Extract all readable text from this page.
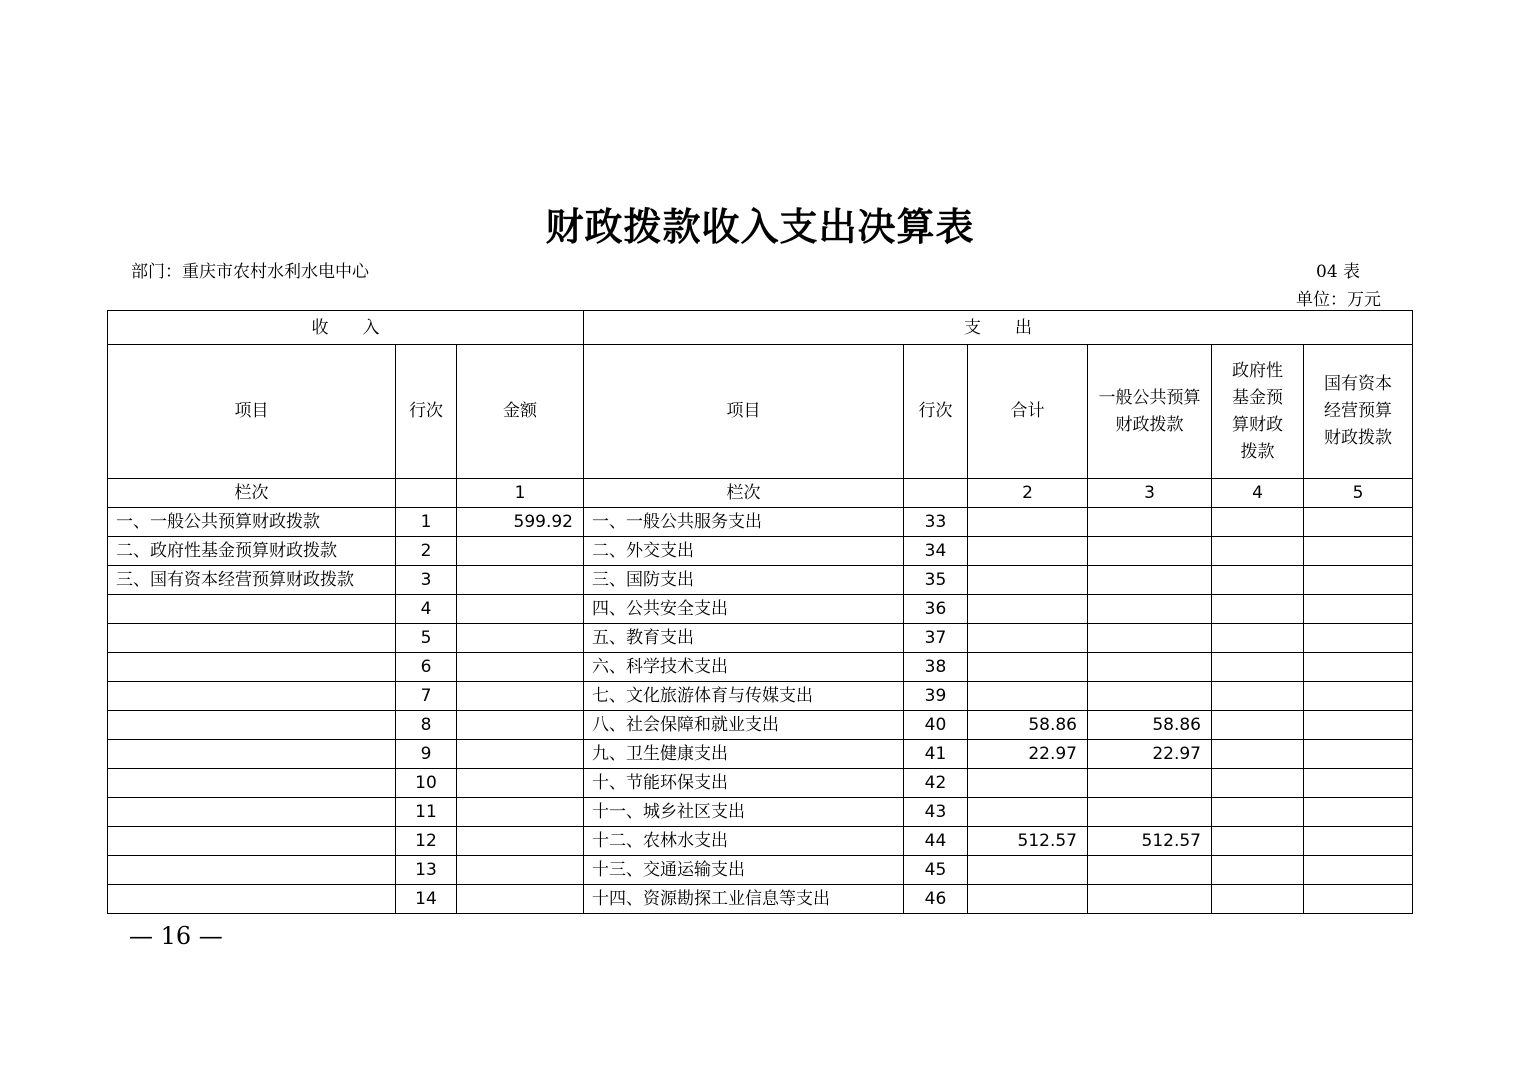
财政拨款收入支出决算表
部门：重庆市农村水利水电中心	04 表
单位：万元
收　　入			支　　出					
项目	行次	金额	项目	行次	合计	一般公共预算财政拨款	政府性基金预算财政拨款	国有资本经营预算财政拨款
栏次		1	栏次		2	3	4	5
一、一般公共预算财政拨款	1	599.92	一、一般公共服务支出	33				
二、政府性基金预算财政拨款	2		二、外交支出	34				
三、国有资本经营预算财政拨款	3		三、国防支出	35				
	4		四、公共安全支出	36				
	5		五、教育支出	37				
	6		六、科学技术支出	38				
	7		七、文化旅游体育与传媒支出	39				
	8		八、社会保障和就业支出	40	58.86	58.86		
	9		九、卫生健康支出	41	22.97	22.97		
	10		十、节能环保支出	42				
	11		十一、城乡社区支出	43				
	12		十二、农林水支出	44	512.57	512.57		
	13		十三、交通运输支出	45				
	14		十四、资源勘探工业信息等支出	46				
— 16 —
